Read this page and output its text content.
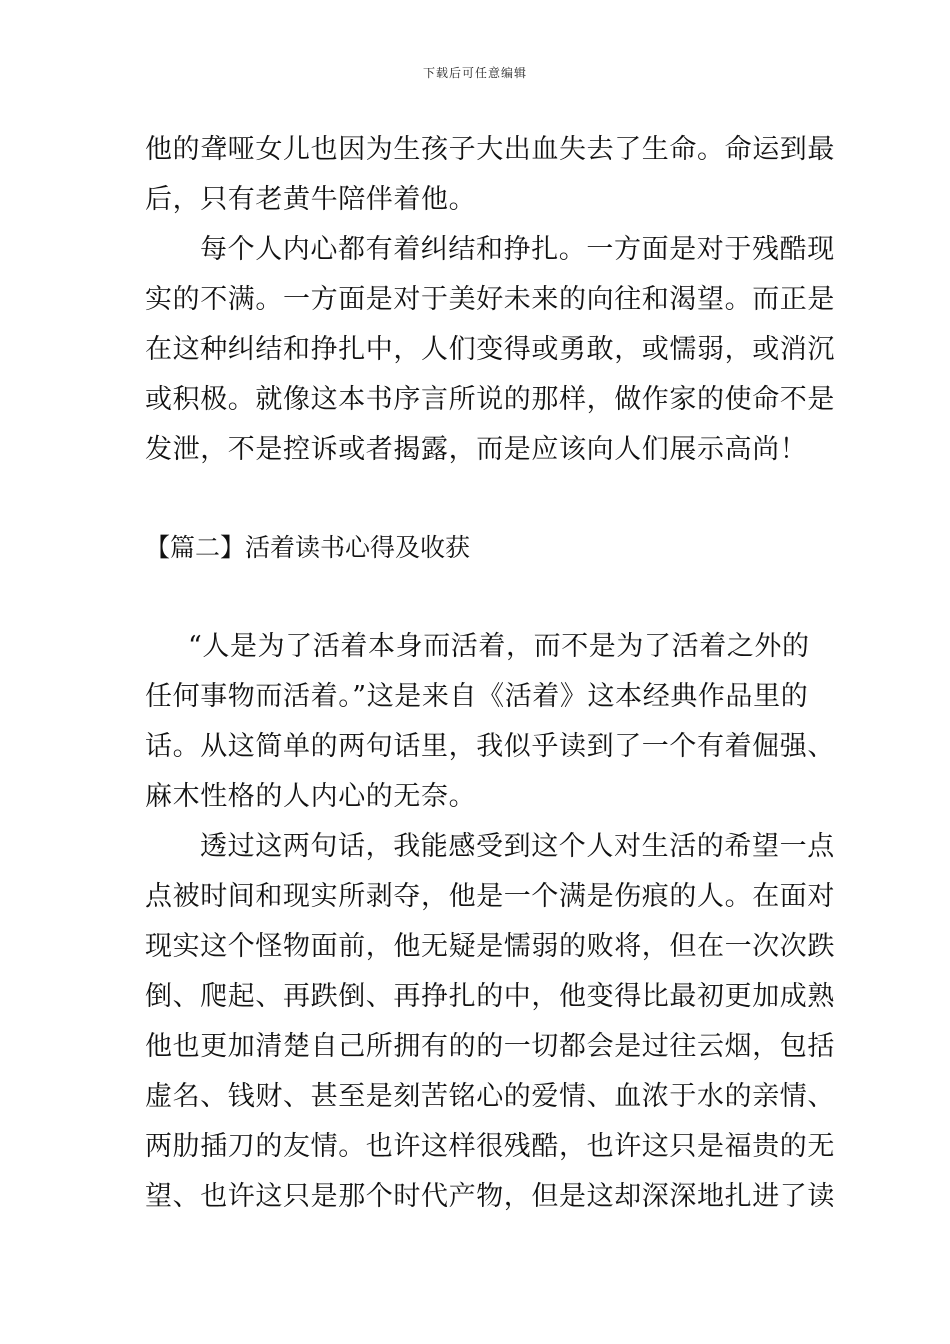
下载后可任意编辑
他的聋哑女儿也因为生孩子大出血失去了生命。命运到最
后，只有老黄牛陪伴着他。
每个人内心都有着纠结和挣扎。一方面是对于残酷现
实的不满。一方面是对于美好未来的向往和渴望。而正是
在这种纠结和挣扎中，人们变得或勇敢，或懦弱，或消沉
或积极。就像这本书序言所说的那样，做作家的使命不是
发泄，不是控诉或者揭露，而是应该向人们展示高尚！
【篇二】活着读书心得及收获
“人是为了活着本身而活着，而不是为了活着之外的
任何事物而活着。”这是来自《活着》这本经典作品里的
话。从这简单的两句话里，我似乎读到了一个有着倔强、
麻木性格的人内心的无奈。
透过这两句话，我能感受到这个人对生活的希望一点
点被时间和现实所剥夺，他是一个满是伤痕的人。在面对
现实这个怪物面前，他无疑是懦弱的败将，但在一次次跌
倒、爬起、再跌倒、再挣扎的中，他变得比最初更加成熟
他也更加清楚自己所拥有的的一切都会是过往云烟，包括
虚名、钱财、甚至是刻苦铭心的爱情、血浓于水的亲情、
两肋插刀的友情。也许这样很残酷，也许这只是福贵的无
望、也许这只是那个时代产物，但是这却深深地扎进了读
